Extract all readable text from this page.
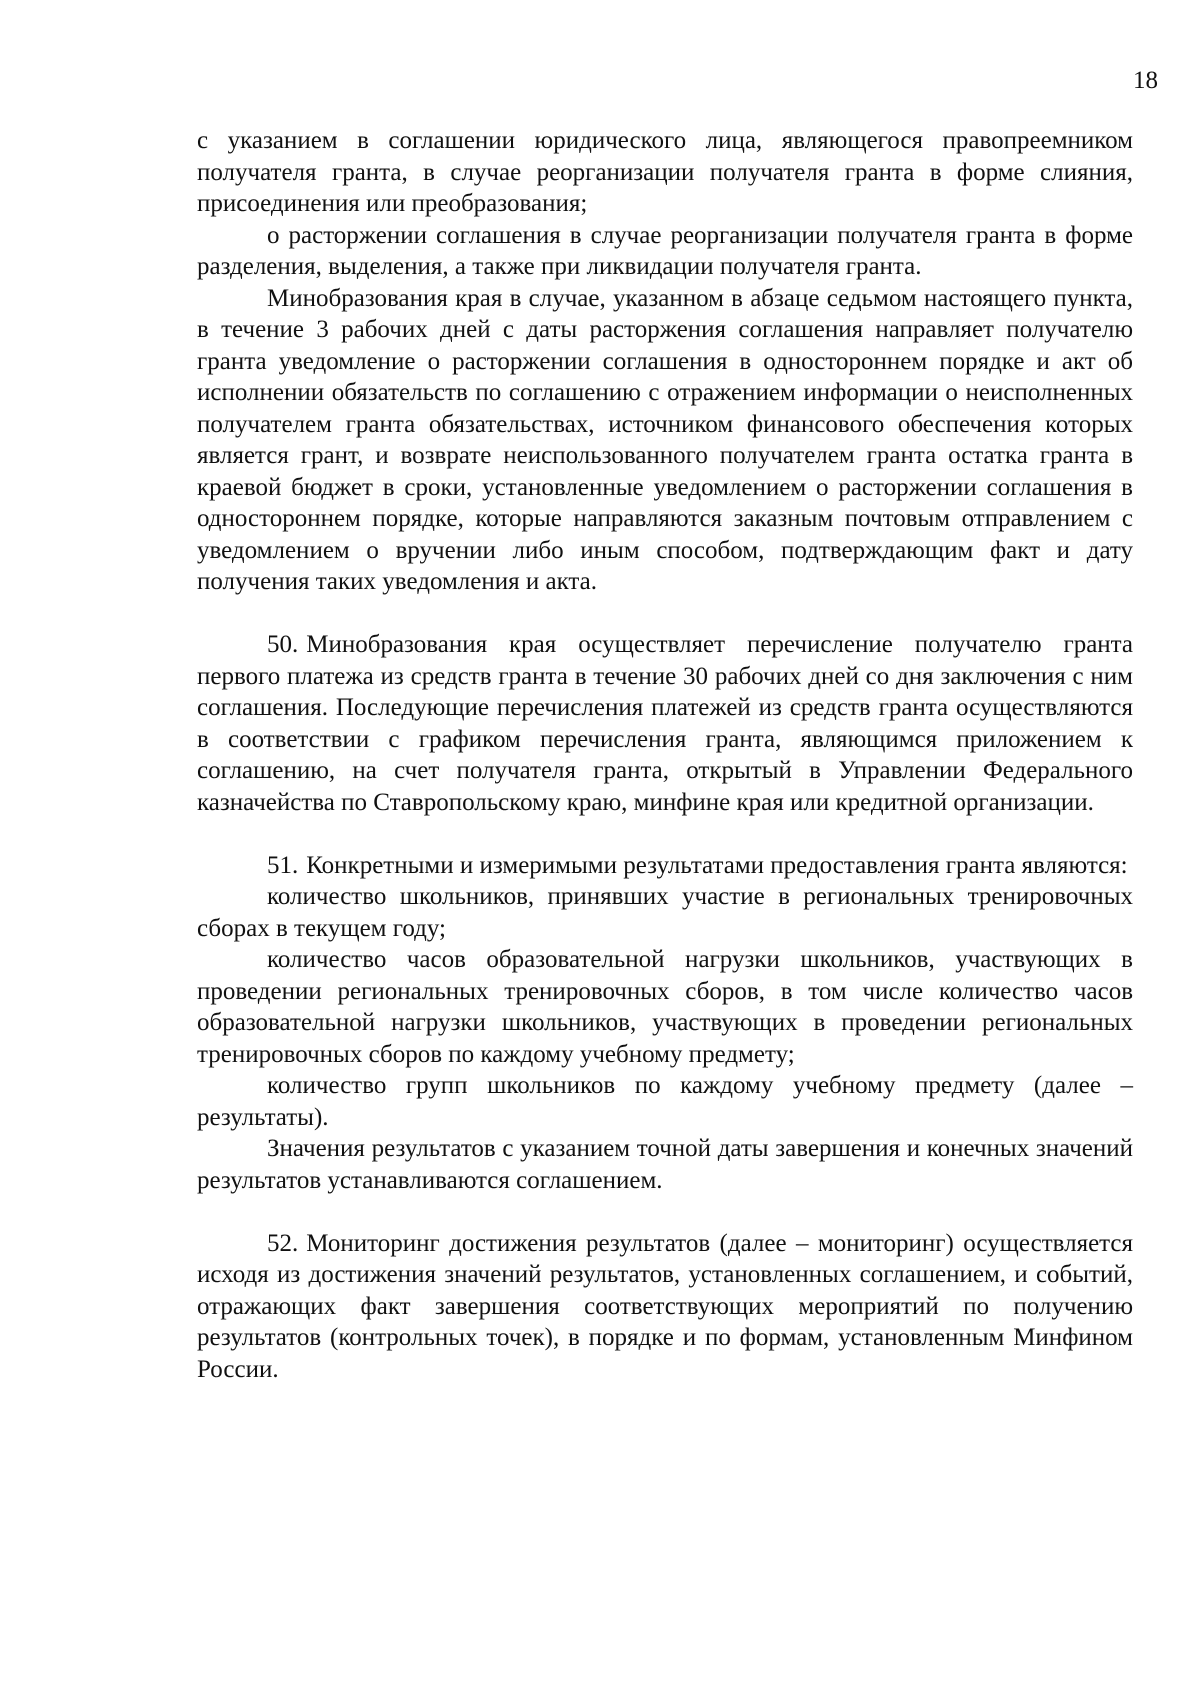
18

с указанием в соглашении юридического лица, являющегося правопреемником получателя гранта, в случае реорганизации получателя гранта в форме слияния, присоединения или преобразования;

о расторжении соглашения в случае реорганизации получателя гранта в форме разделения, выделения, а также при ликвидации получателя гранта.

Минобразования края в случае, указанном в абзаце седьмом настоящего пункта, в течение 3 рабочих дней с даты расторжения соглашения направляет получателю гранта уведомление о расторжении соглашения в одностороннем порядке и акт об исполнении обязательств по соглашению с отражением информации о неисполненных получателем гранта обязательствах, источником финансового обеспечения которых является грант, и возврате неиспользованного получателем гранта остатка гранта в краевой бюджет в сроки, установленные уведомлением о расторжении соглашения в одностороннем порядке, которые направляются заказным почтовым отправлением с уведомлением о вручении либо иным способом, подтверждающим факт и дату получения таких уведомления и акта.

50. Минобразования края осуществляет перечисление получателю гранта первого платежа из средств гранта в течение 30 рабочих дней со дня заключения с ним соглашения. Последующие перечисления платежей из средств гранта осуществляются в соответствии с графиком перечисления гранта, являющимся приложением к соглашению, на счет получателя гранта, открытый в Управлении Федерального казначейства по Ставропольскому краю, минфине края или кредитной организации.

51. Конкретными и измеримыми результатами предоставления гранта являются:

количество школьников, принявших участие в региональных тренировочных сборах в текущем году;

количество часов образовательной нагрузки школьников, участвующих в проведении региональных тренировочных сборов, в том числе количество часов образовательной нагрузки школьников, участвующих в проведении региональных тренировочных сборов по каждому учебному предмету;

количество групп школьников по каждому учебному предмету (далее – результаты).

Значения результатов с указанием точной даты завершения и конечных значений результатов устанавливаются соглашением.

52. Мониторинг достижения результатов (далее – мониторинг) осуществляется исходя из достижения значений результатов, установленных соглашением, и событий, отражающих факт завершения соответствующих мероприятий по получению результатов (контрольных точек), в порядке и по формам, установленным Минфином России.
